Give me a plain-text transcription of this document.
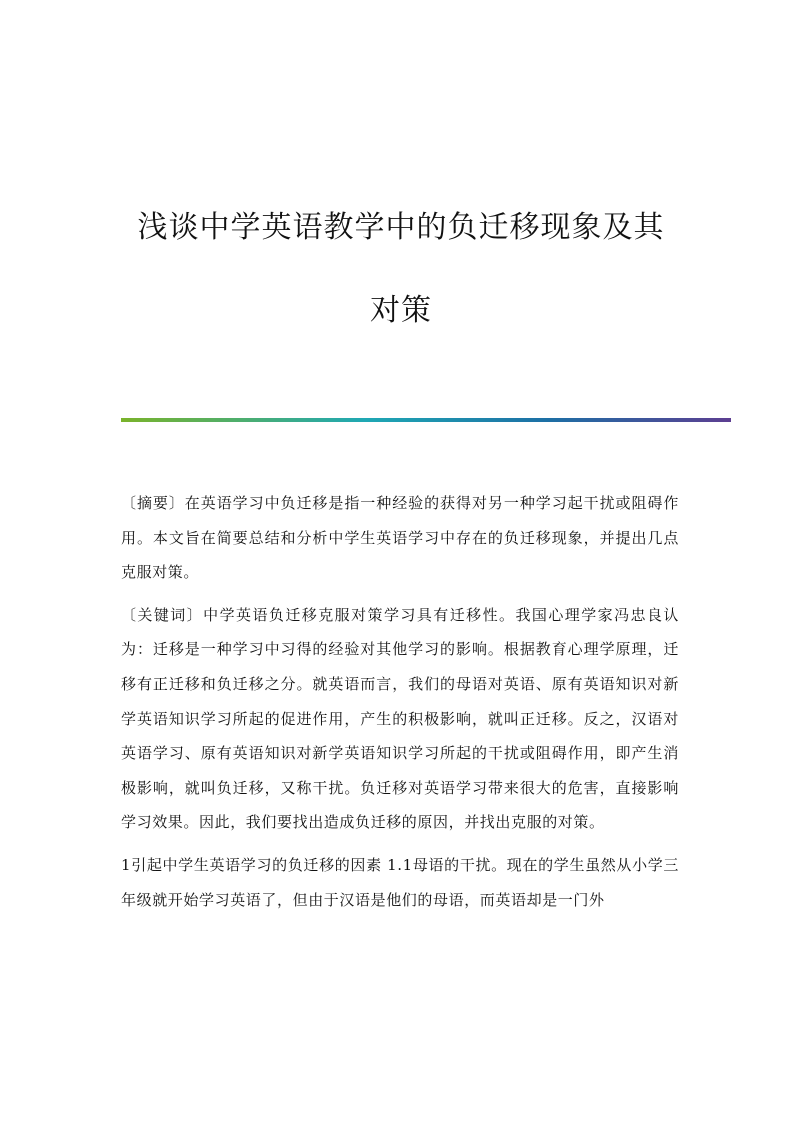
浅谈中学英语教学中的负迁移现象及其
对策

〔摘要〕在英语学习中负迁移是指一种经验的获得对另一种学习起干扰或阻碍作用。本文旨在简要总结和分析中学生英语学习中存在的负迁移现象，并提出几点克服对策。

〔关键词〕中学英语负迁移克服对策学习具有迁移性。我国心理学家冯忠良认为：迁移是一种学习中习得的经验对其他学习的影响。根据教育心理学原理，迁移有正迁移和负迁移之分。就英语而言，我们的母语对英语、原有英语知识对新学英语知识学习所起的促进作用，产生的积极影响，就叫正迁移。反之，汉语对英语学习、原有英语知识对新学英语知识学习所起的干扰或阻碍作用，即产生消极影响，就叫负迁移，又称干扰。负迁移对英语学习带来很大的危害，直接影响学习效果。因此，我们要找出造成负迁移的原因，并找出克服的对策。

1引起中学生英语学习的负迁移的因素 1.1母语的干扰。现在的学生虽然从小学三年级就开始学习英语了，但由于汉语是他们的母语，而英语却是一门外
